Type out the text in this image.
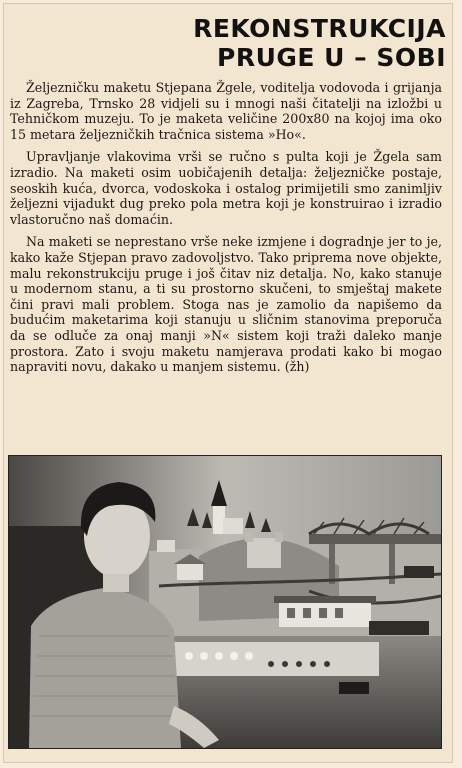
REKONSTRUKCIJA
PRUGE U – SOBI

Željezničku maketu Stjepana Žgele, voditelja vodovoda i grijanja iz Zagreba, Trnsko 28 vidjeli su i mnogi naši čitatelji na izložbi u Tehničkom muzeju. To je maketa veličine 200x80 na kojoj ima oko 15 metara željezničkih tračnica sistema »Ho«.

Upravljanje vlakovima vrši se ručno s pulta koji je Žgela sam izradio. Na maketi osim uobičajenih detalja: željezničke postaje, seoskih kuća, dvorca, vodoskoka i ostalog primijetili smo zanimljiv željezni vijadukt dug preko pola metra koji je konstruirao i izradio vlastoručno naš domaćin.

Na maketi se neprestano vrše neke izmjene i dogradnje jer to je, kako kaže Stjepan pravo zadovoljstvo. Tako priprema nove objekte, malu rekonstrukciju pruge i još čitav niz detalja. No, kako stanuje u modernom stanu, a ti su prostorno skučeni, to smještaj makete čini pravi mali problem. Stoga nas je zamolio da napišemo da budućim maketarima koji stanuju u sličnim stanovima preporuča da se odluče za onaj manji »N« sistem koji traži daleko manje prostora. Zato i svoju maketu namjerava prodati kako bi mogao napraviti novu, dakako u manjem sistemu. (žh)
